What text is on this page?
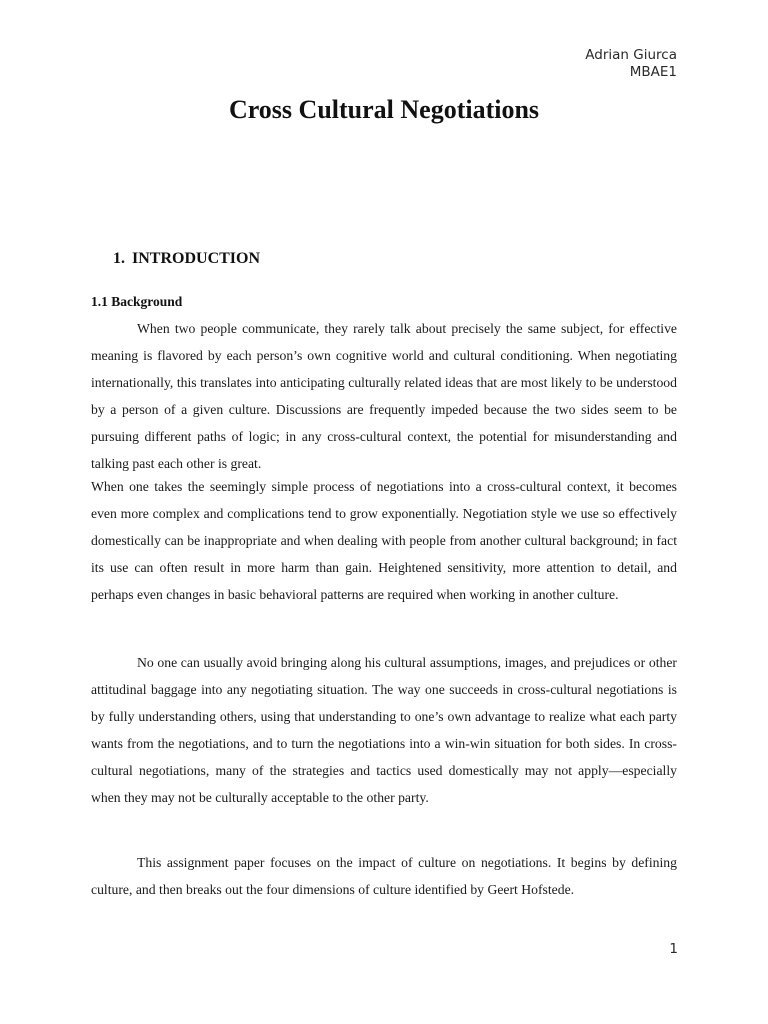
Adrian Giurca
MBAE1
Cross Cultural Negotiations
1. INTRODUCTION
1.1 Background

When two people communicate, they rarely talk about precisely the same subject, for effective meaning is flavored by each person’s own cognitive world and cultural conditioning. When negotiating internationally, this translates into anticipating culturally related ideas that are most likely to be understood by a person of a given culture. Discussions are frequently impeded because the two sides seem to be pursuing different paths of logic; in any cross-cultural context, the potential for misunderstanding and talking past each other is great.

When one takes the seemingly simple process of negotiations into a cross-cultural context, it becomes even more complex and complications tend to grow exponentially. Negotiation style we use so effectively domestically can be inappropriate and when dealing with people from another cultural background; in fact its use can often result in more harm than gain. Heightened sensitivity, more attention to detail, and perhaps even changes in basic behavioral patterns are required when working in another culture.

No one can usually avoid bringing along his cultural assumptions, images, and prejudices or other attitudinal baggage into any negotiating situation. The way one succeeds in cross-cultural negotiations is by fully understanding others, using that understanding to one’s own advantage to realize what each party wants from the negotiations, and to turn the negotiations into a win-win situation for both sides. In cross-cultural negotiations, many of the strategies and tactics used domestically may not apply—especially when they may not be culturally acceptable to the other party.

This assignment paper focuses on the impact of culture on negotiations. It begins by defining culture, and then breaks out the four dimensions of culture identified by Geert Hofstede.

1
